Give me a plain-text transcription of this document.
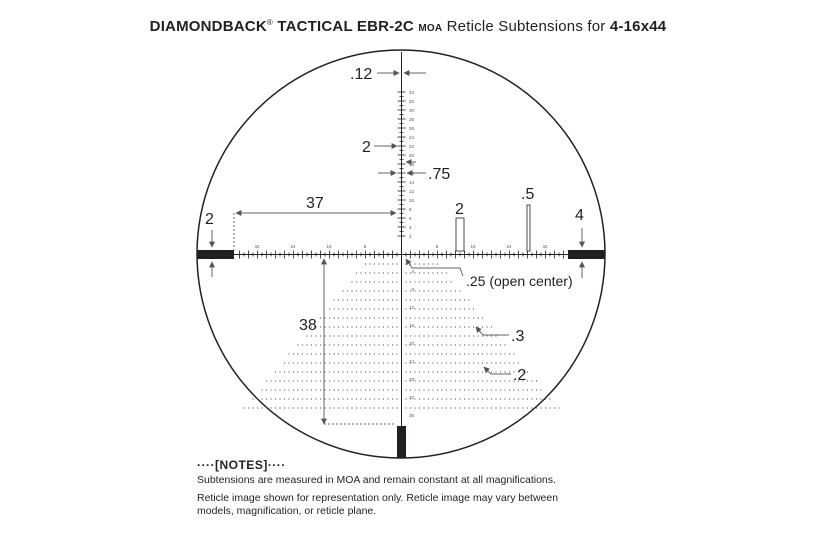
DIAMONDBACK® TACTICAL EBR-2C MOA Reticle Subtensions for 4-16x44
34
32
30
28
26
24
22
20
18
16
14
12
10
8
6
4
2
32	24	16	8	8	16	24	32
4
8
12
16
20
24
28
32
36
.12
2
.75
37
2	4
2
.5
.25 (open center)
38
.3
.2
····[NOTES]····

Subtensions are measured in MOA and remain constant at all magnifications.

Reticle image shown for representation only. Reticle image may vary between

models, magnification, or reticle plane.
